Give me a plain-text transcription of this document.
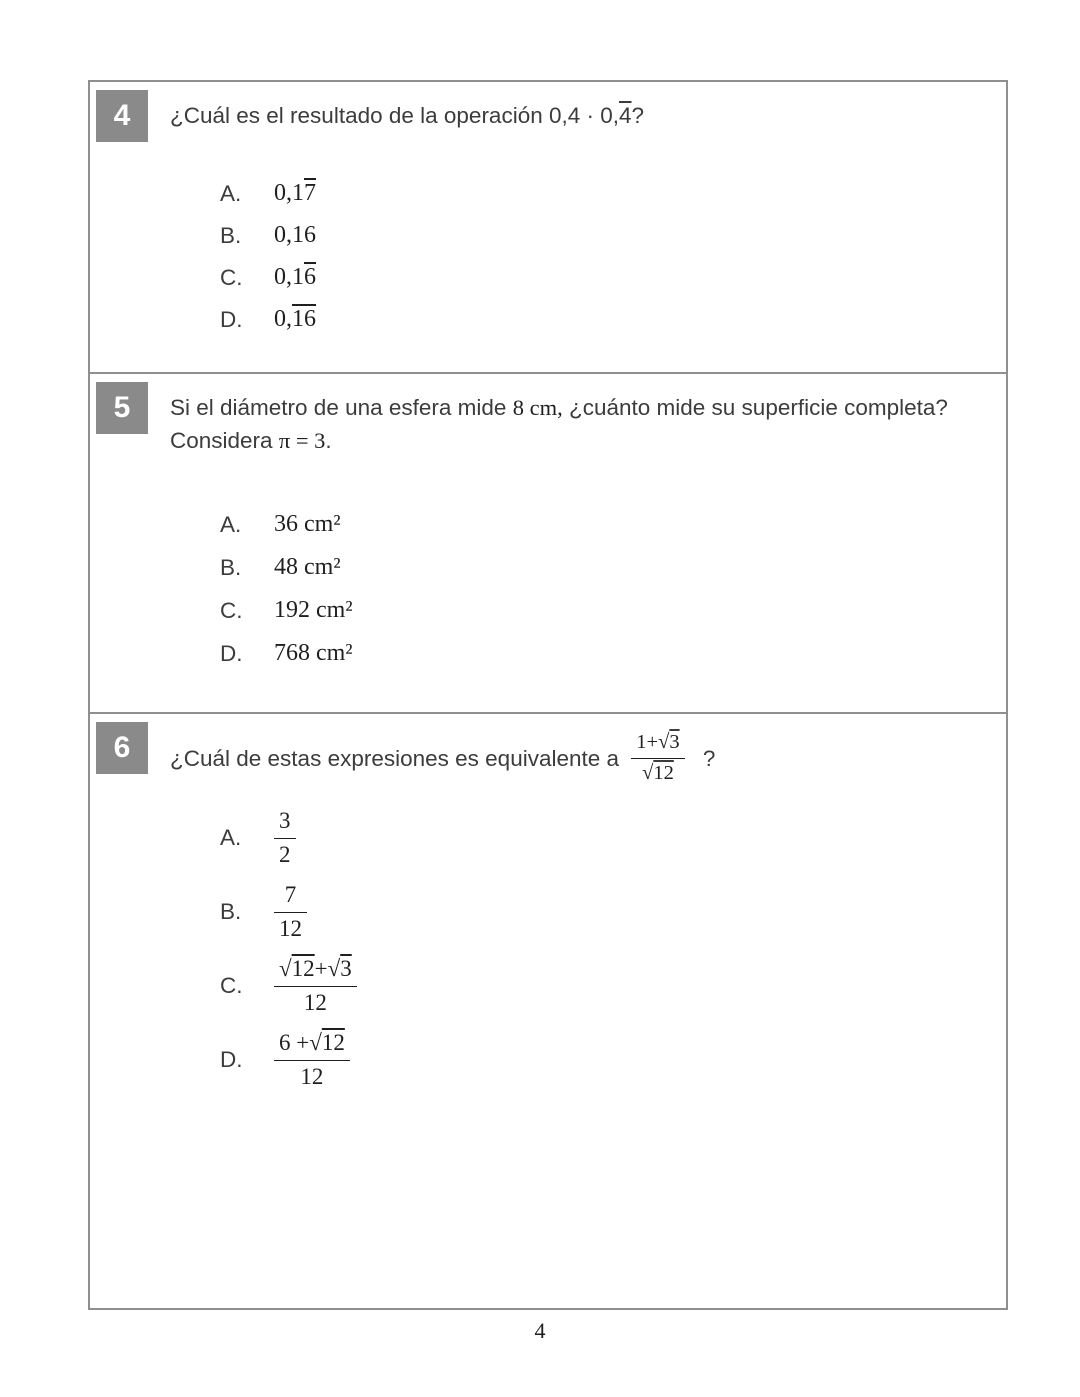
4	¿Cuál es el resultado de la operación 0,4 · 0,4?

A.	0,17
B.	0,16
C.	0,16
D.	0,16
5	Si el diámetro de una esfera mide 8 cm, ¿cuánto mide su superficie completa? Considera π = 3.

A.	36 cm²
B.	48 cm²
C.	192 cm²
D.	768 cm²
6	¿Cuál de estas expresiones es equivalente a $\frac{1+√3}{√12}$ ?

A.	$\frac{3}{2}$
B.	$\frac{7}{12}$
C.	$\frac{√12+√3}{12}$
D.	$\frac{6 +√12}{12}$
4
